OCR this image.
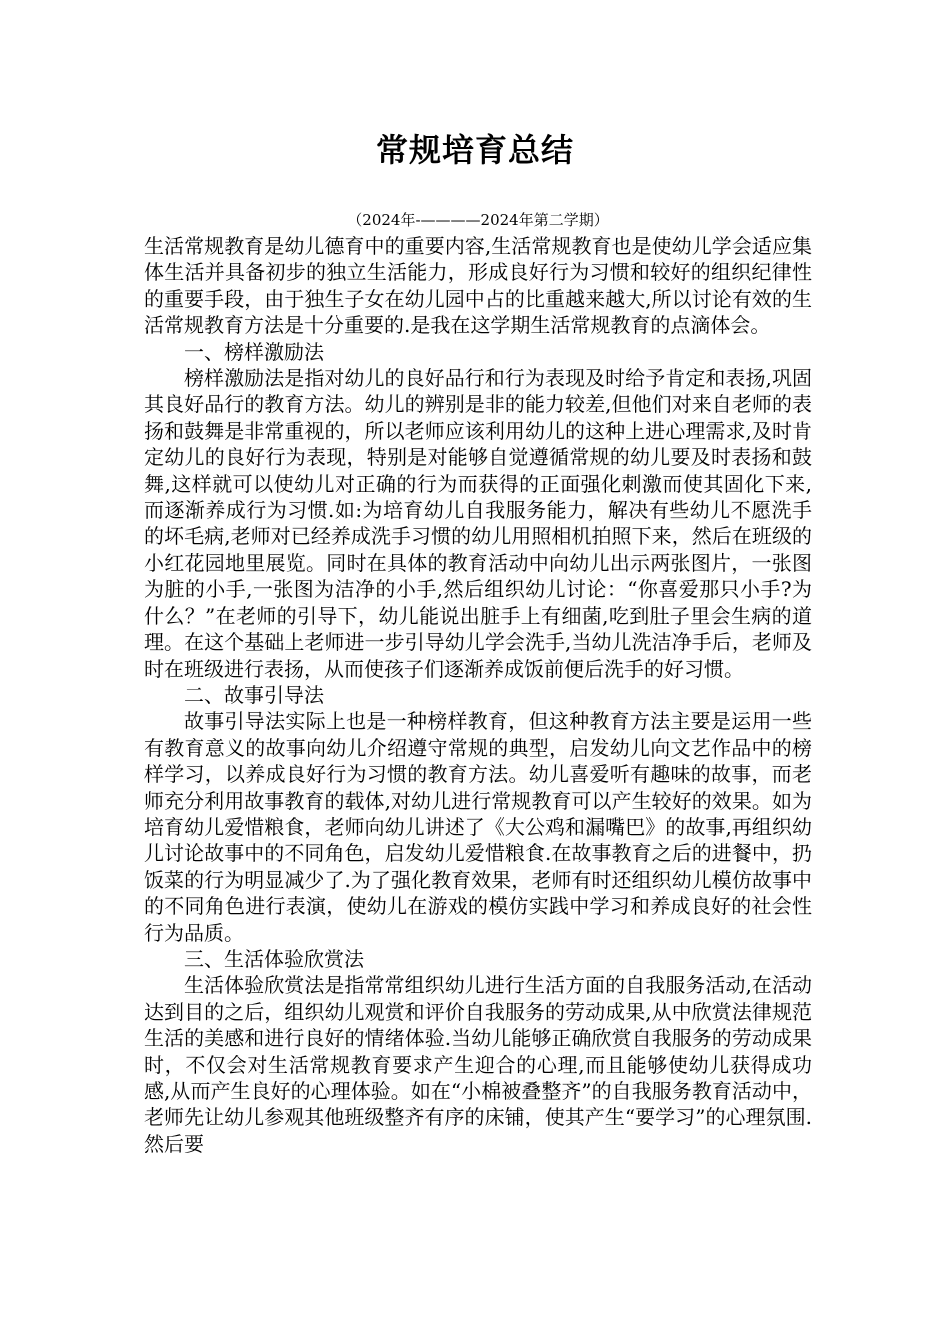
常规培育总结

（2024年-————2024年第二学期）

生活常规教育是幼儿德育中的重要内容,生活常规教育也是使幼儿学会适应集体生活并具备初步的独立生活能力，形成良好行为习惯和较好的组织纪律性的重要手段，由于独生子女在幼儿园中占的比重越来越大,所以讨论有效的生活常规教育方法是十分重要的.是我在这学期生活常规教育的点滴体会。

一、榜样激励法

榜样激励法是指对幼儿的良好品行和行为表现及时给予肯定和表扬,巩固其良好品行的教育方法。幼儿的辨别是非的能力较差,但他们对来自老师的表扬和鼓舞是非常重视的，所以老师应该利用幼儿的这种上进心理需求,及时肯定幼儿的良好行为表现，特别是对能够自觉遵循常规的幼儿要及时表扬和鼓舞,这样就可以使幼儿对正确的行为而获得的正面强化刺激而使其固化下来,而逐渐养成行为习惯.如:为培育幼儿自我服务能力，解决有些幼儿不愿洗手的坏毛病,老师对已经养成洗手习惯的幼儿用照相机拍照下来，然后在班级的小红花园地里展览。同时在具体的教育活动中向幼儿出示两张图片，一张图为脏的小手,一张图为洁净的小手,然后组织幼儿讨论：“你喜爱那只小手?为什么？”在老师的引导下，幼儿能说出脏手上有细菌,吃到肚子里会生病的道理。在这个基础上老师进一步引导幼儿学会洗手,当幼儿洗洁净手后，老师及时在班级进行表扬，从而使孩子们逐渐养成饭前便后洗手的好习惯。

二、故事引导法

故事引导法实际上也是一种榜样教育，但这种教育方法主要是运用一些有教育意义的故事向幼儿介绍遵守常规的典型，启发幼儿向文艺作品中的榜样学习，以养成良好行为习惯的教育方法。幼儿喜爱听有趣味的故事，而老师充分利用故事教育的载体,对幼儿进行常规教育可以产生较好的效果。如为培育幼儿爱惜粮食，老师向幼儿讲述了《大公鸡和漏嘴巴》的故事,再组织幼儿讨论故事中的不同角色，启发幼儿爱惜粮食.在故事教育之后的进餐中，扔饭菜的行为明显减少了.为了强化教育效果，老师有时还组织幼儿模仿故事中的不同角色进行表演，使幼儿在游戏的模仿实践中学习和养成良好的社会性行为品质。

三、生活体验欣赏法

生活体验欣赏法是指常常组织幼儿进行生活方面的自我服务活动,在活动达到目的之后，组织幼儿观赏和评价自我服务的劳动成果,从中欣赏法律规范生活的美感和进行良好的情绪体验.当幼儿能够正确欣赏自我服务的劳动成果时，不仅会对生活常规教育要求产生迎合的心理,而且能够使幼儿获得成功感,从而产生良好的心理体验。如在“小棉被叠整齐”的自我服务教育活动中，老师先让幼儿参观其他班级整齐有序的床铺，使其产生“要学习”的心理氛围.然后要
